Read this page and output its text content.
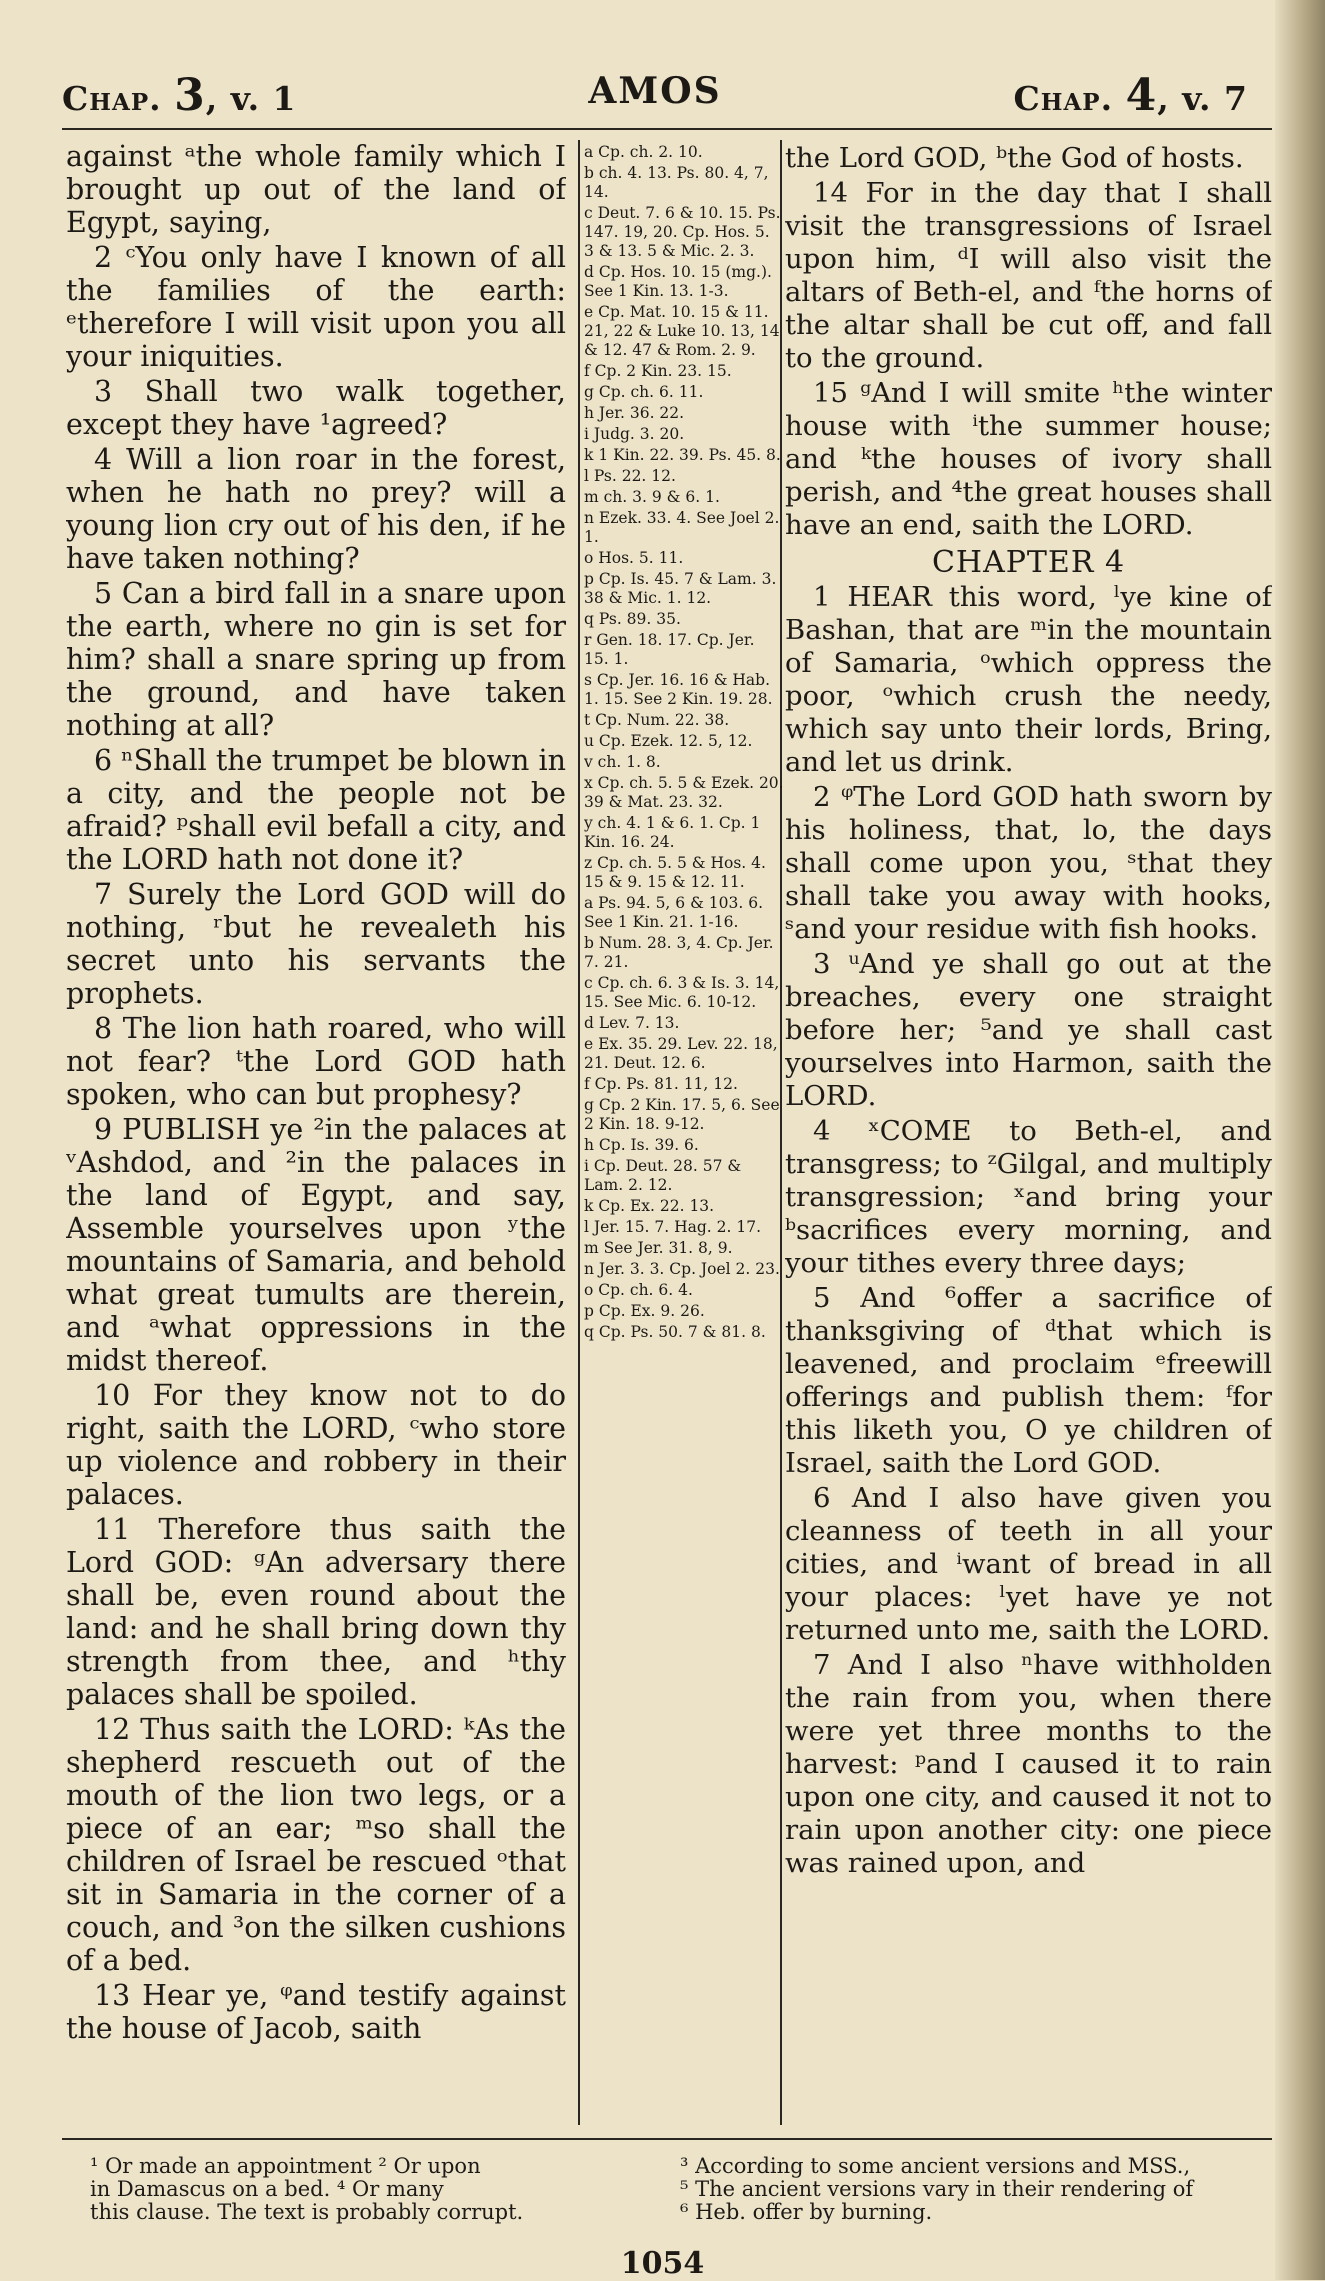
Chap. 3, v. 1	AMOS	Chap. 4, v. 7

against ᵃthe whole family which I brought up out of the land of Egypt, saying,

2 ᶜYou only have I known of all the families of the earth: ᵉtherefore I will visit upon you all your iniquities.

3 Shall two walk together, except they have ¹agreed?

4 Will a lion roar in the forest, when he hath no prey? will a young lion cry out of his den, if he have taken nothing?

5 Can a bird fall in a snare upon the earth, where no gin is set for him? shall a snare spring up from the ground, and have taken nothing at all?

6 ⁿShall the trumpet be blown in a city, and the people not be afraid? ᵖshall evil befall a city, and the LORD hath not done it?

7 Surely the Lord GOD will do nothing, ʳbut he revealeth his secret unto his servants the prophets.

8 The lion hath roared, who will not fear? ᵗthe Lord GOD hath spoken, who can but prophesy?

9 PUBLISH ye ²in the palaces at ᵛAshdod, and ²in the palaces in the land of Egypt, and say, Assemble yourselves upon ʸthe mountains of Samaria, and behold what great tumults are therein, and ᵃwhat oppressions in the midst thereof.

10 For they know not to do right, saith the LORD, ᶜwho store up violence and robbery in their palaces.

11 Therefore thus saith the Lord GOD: ᵍAn adversary there shall be, even round about the land: and he shall bring down thy strength from thee, and ʰthy palaces shall be spoiled.

12 Thus saith the LORD: ᵏAs the shepherd rescueth out of the mouth of the lion two legs, or a piece of an ear; ᵐso shall the children of Israel be rescued ᵒthat sit in Samaria in the corner of a couch, and ³on the silken cushions of a bed.

13 Hear ye, ᵠand testify against the house of Jacob, saith

a Cp. ch. 2. 10.
b ch. 4. 13. Ps. 80. 4, 7, 14.
c Deut. 7. 6 & 10. 15. Ps. 147. 19, 20. Cp. Hos. 5. 3 & 13. 5 & Mic. 2. 3.
d Cp. Hos. 10. 15 (mg.). See 1 Kin. 13. 1-3.
e Cp. Mat. 10. 15 & 11. 21, 22 & Luke 10. 13, 14 & 12. 47 & Rom. 2. 9.
f Cp. 2 Kin. 23. 15.
g Cp. ch. 6. 11.
h Jer. 36. 22.
i Judg. 3. 20.
k 1 Kin. 22. 39. Ps. 45. 8.
l Ps. 22. 12.
m ch. 3. 9 & 6. 1.
n Ezek. 33. 4. See Joel 2. 1.
o Hos. 5. 11.
p Cp. Is. 45. 7 & Lam. 3. 38 & Mic. 1. 12.
q Ps. 89. 35.
r Gen. 18. 17. Cp. Jer. 15. 1.
s Cp. Jer. 16. 16 & Hab. 1. 15. See 2 Kin. 19. 28.
t Cp. Num. 22. 38.
u Cp. Ezek. 12. 5, 12.
v ch. 1. 8.
x Cp. ch. 5. 5 & Ezek. 20. 39 & Mat. 23. 32.
y ch. 4. 1 & 6. 1. Cp. 1 Kin. 16. 24.
z Cp. ch. 5. 5 & Hos. 4. 15 & 9. 15 & 12. 11.
a Ps. 94. 5, 6 & 103. 6. See 1 Kin. 21. 1-16.
b Num. 28. 3, 4. Cp. Jer. 7. 21.
c Cp. ch. 6. 3 & Is. 3. 14, 15. See Mic. 6. 10-12.
d Lev. 7. 13.
e Ex. 35. 29. Lev. 22. 18, 21. Deut. 12. 6.
f Cp. Ps. 81. 11, 12.
g Cp. 2 Kin. 17. 5, 6. See 2 Kin. 18. 9-12.
h Cp. Is. 39. 6.
i Cp. Deut. 28. 57 & Lam. 2. 12.
k Cp. Ex. 22. 13.
l Jer. 15. 7. Hag. 2. 17.
m See Jer. 31. 8, 9.
n Jer. 3. 3. Cp. Joel 2. 23.
o Cp. ch. 6. 4.
p Cp. Ex. 9. 26.
q Cp. Ps. 50. 7 & 81. 8.

the Lord GOD, ᵇthe God of hosts.

14 For in the day that I shall visit the transgressions of Israel upon him, ᵈI will also visit the altars of Beth-el, and ᶠthe horns of the altar shall be cut off, and fall to the ground.

15 ᵍAnd I will smite ʰthe winter house with ⁱthe summer house; and ᵏthe houses of ivory shall perish, and ⁴the great houses shall have an end, saith the LORD.

CHAPTER 4

1 HEAR this word, ˡye kine of Bashan, that are ᵐin the mountain of Samaria, ᵒwhich oppress the poor, ᵒwhich crush the needy, which say unto their lords, Bring, and let us drink.

2 ᵠThe Lord GOD hath sworn by his holiness, that, lo, the days shall come upon you, ˢthat they shall take you away with hooks, ˢand your residue with fish hooks.

3 ᵘAnd ye shall go out at the breaches, every one straight before her; ⁵and ye shall cast yourselves into Harmon, saith the LORD.

4 ˣCOME to Beth-el, and transgress; to ᶻGilgal, and multiply transgression; ˣand bring your ᵇsacrifices every morning, and your tithes every three days;

5 And ⁶offer a sacrifice of thanksgiving of ᵈthat which is leavened, and proclaim ᵉfreewill offerings and publish them: ᶠfor this liketh you, O ye children of Israel, saith the Lord GOD.

6 And I also have given you cleanness of teeth in all your cities, and ⁱwant of bread in all your places: ˡyet have ye not returned unto me, saith the LORD.

7 And I also ⁿhave withholden the rain from you, when there were yet three months to the harvest: ᵖand I caused it to rain upon one city, and caused it not to rain upon another city: one piece was rained upon, and

¹ Or made an appointment ² Or upon
in Damascus on a bed. ⁴ Or many
this clause. The text is probably corrupt.
³ According to some ancient versions and MSS.,
⁵ The ancient versions vary in their rendering of
⁶ Heb. offer by burning.
1054
